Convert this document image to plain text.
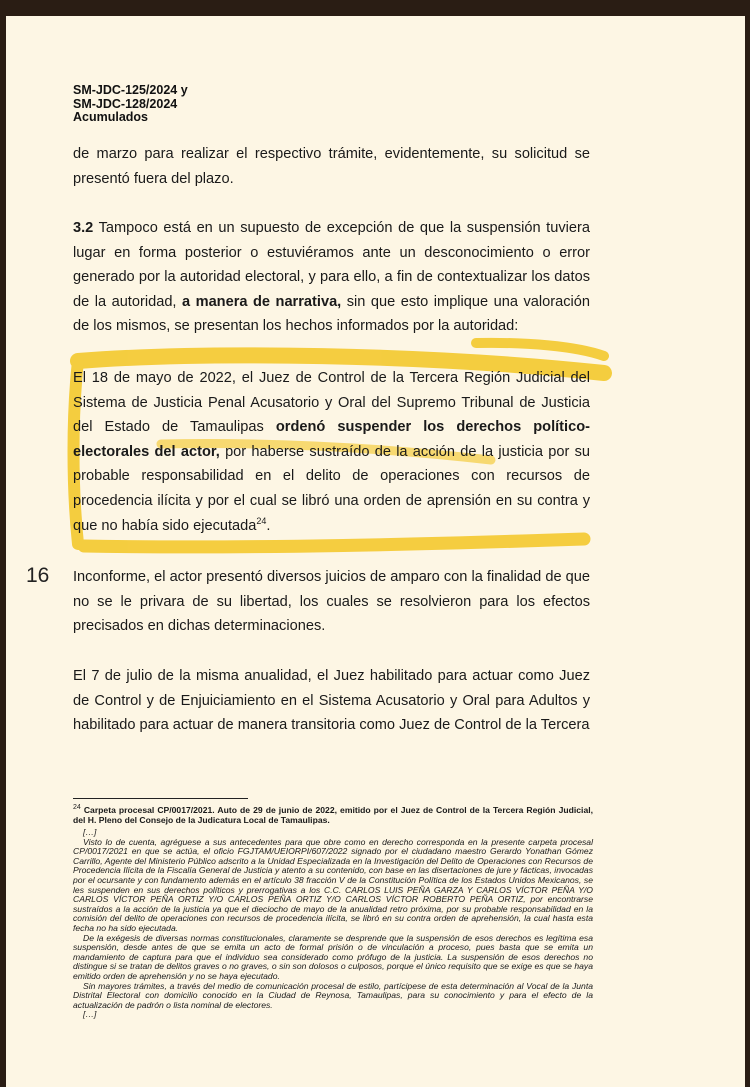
SM-JDC-125/2024 y
SM-JDC-128/2024
Acumulados
de marzo para realizar el respectivo trámite, evidentemente, su solicitud se presentó fuera del plazo.
3.2 Tampoco está en un supuesto de excepción de que la suspensión tuviera lugar en forma posterior o estuviéramos ante un desconocimiento o error generado por la autoridad electoral, y para ello, a fin de contextualizar los datos de la autoridad, a manera de narrativa, sin que esto implique una valoración de los mismos, se presentan los hechos informados por la autoridad:
El 18 de mayo de 2022, el Juez de Control de la Tercera Región Judicial del Sistema de Justicia Penal Acusatorio y Oral del Supremo Tribunal de Justicia del Estado de Tamaulipas ordenó suspender los derechos político-electorales del actor, por haberse sustraído de la acción de la justicia por su probable responsabilidad en el delito de operaciones con recursos de procedencia ilícita y por el cual se libró una orden de aprensión en su contra y que no había sido ejecutada$^{24}$.
16 Inconforme, el actor presentó diversos juicios de amparo con la finalidad de que no se le privara de su libertad, los cuales se resolvieron para los efectos precisados en dichas determinaciones.
El 7 de julio de la misma anualidad, el Juez habilitado para actuar como Juez de Control y de Enjuiciamiento en el Sistema Acusatorio y Oral para Adultos y habilitado para actuar de manera transitoria como Juez de Control de la Tercera
$^{24}$ Carpeta procesal CP/0017/2021. Auto de 29 de junio de 2022, emitido por el Juez de Control de la Tercera Región Judicial, del H. Pleno del Consejo de la Judicatura Local de Tamaulipas.

[…]

Visto lo de cuenta, agréguese a sus antecedentes para que obre como en derecho corresponda en la presente carpeta procesal CP/0017/2021 en que se actúa, el oficio FGJTAM/UEIORPI/607/2022 signado por el ciudadano maestro Gerardo Yonathan Gómez Carrillo, Agente del Ministerio Público adscrito a la Unidad Especializada en la Investigación del Delito de Operaciones con Recursos de Procedencia Ilícita de la Fiscalía General de Justicia y atento a su contenido, con base en las disertaciones de jure y fácticas, invocadas por el ocursante y con fundamento además en el artículo 38 fracción V de la Constitución Política de los Estados Unidos Mexicanos, se les suspenden en sus derechos políticos y prerrogativas a los C.C. CARLOS LUIS PEÑA GARZA Y CARLOS VÍCTOR PEÑA Y/O CARLOS VÍCTOR PEÑA ORTIZ Y/O CARLOS PEÑA ORTIZ Y/O CARLOS VÍCTOR ROBERTO PEÑA ORTIZ, por encontrarse sustraídos a la acción de la justicia ya que el dieciocho de mayo de la anualidad retro próxima, por su probable responsabilidad en la comisión del delito de operaciones con recursos de procedencia ilícita, se libró en su contra orden de aprehensión, la cual hasta esta fecha no ha sido ejecutada.

De la exégesis de diversas normas constitucionales, claramente se desprende que la suspensión de esos derechos es legítima esa suspensión, desde antes de que se emita un acto de formal prisión o de vinculación a proceso, pues basta que se emita un mandamiento de captura para que el individuo sea considerado como prófugo de la justicia. La suspensión de esos derechos no distingue si se tratan de delitos graves o no graves, o sin son dolosos o culposos, porque el único requisito que se exige es que se haya emitido orden de aprehensión y no se haya ejecutado.

Sin mayores trámites, a través del medio de comunicación procesal de estilo, partícipese de esta determinación al Vocal de la Junta Distrital Electoral con domicilio conocido en la Ciudad de Reynosa, Tamaulipas, para su conocimiento y para el efecto de la actualización de padrón o lista nominal de electores.

[…]
